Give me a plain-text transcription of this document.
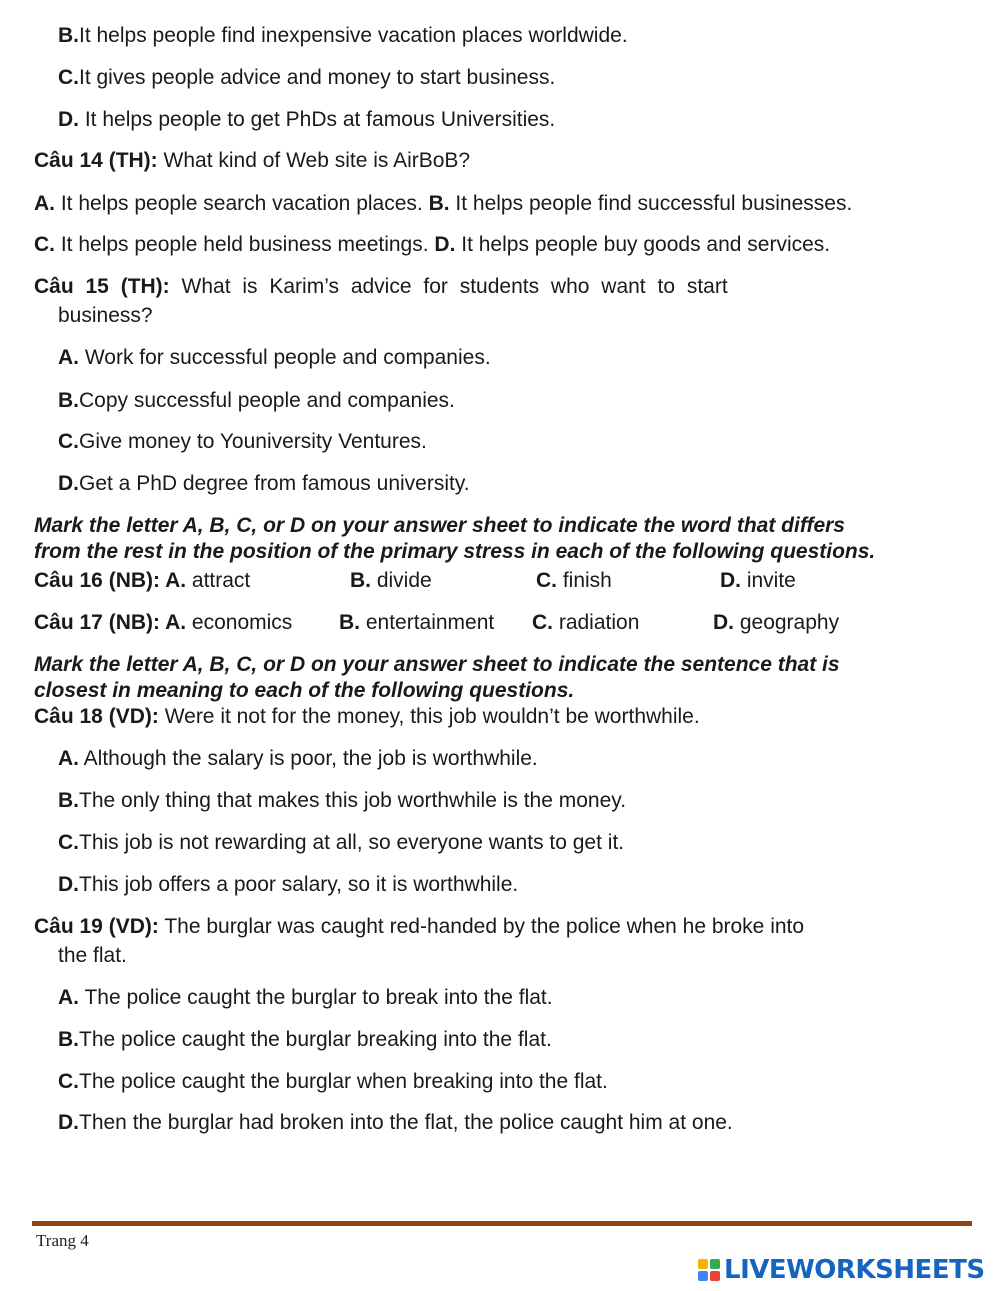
B.It helps people find inexpensive vacation places worldwide.
C.It gives people advice and money to start business.
D. It helps people to get PhDs at famous Universities.
Câu 14 (TH): What kind of Web site is AirBoB?
A. It helps people search vacation places. B. It helps people find successful businesses.
C. It helps people held business meetings. D. It helps people buy goods and services.
Câu 15 (TH): What is Karim’s advice for students who want to start
business?
A. Work for successful people and companies.
B.Copy successful people and companies.
C.Give money to Youniversity Ventures.
D.Get a PhD degree from famous university.
Mark the letter A, B, C, or D on your answer sheet to indicate the word that differs
from the rest in the position of the primary stress in each of the following questions.
Câu 16 (NB): A. attract	B. divide	C. finish	D. invite
Câu 17 (NB): A. economics B. entertainment C. radiation	D. geography
Mark the letter A, B, C, or D on your answer sheet to indicate the sentence that is
closest in meaning to each of the following questions.
Câu 18 (VD): Were it not for the money, this job wouldn’t be worthwhile.
A. Although the salary is poor, the job is worthwhile.
B.The only thing that makes this job worthwhile is the money.
C.This job is not rewarding at all, so everyone wants to get it.
D.This job offers a poor salary, so it is worthwhile.
Câu 19 (VD): The burglar was caught red-handed by the police when he broke into
the flat.
A. The police caught the burglar to break into the flat.
B.The police caught the burglar breaking into the flat.
C.The police caught the burglar when breaking into the flat.
D.Then the burglar had broken into the flat, the police caught him at one.
Trang 4
LIVEWORKSHEETS
